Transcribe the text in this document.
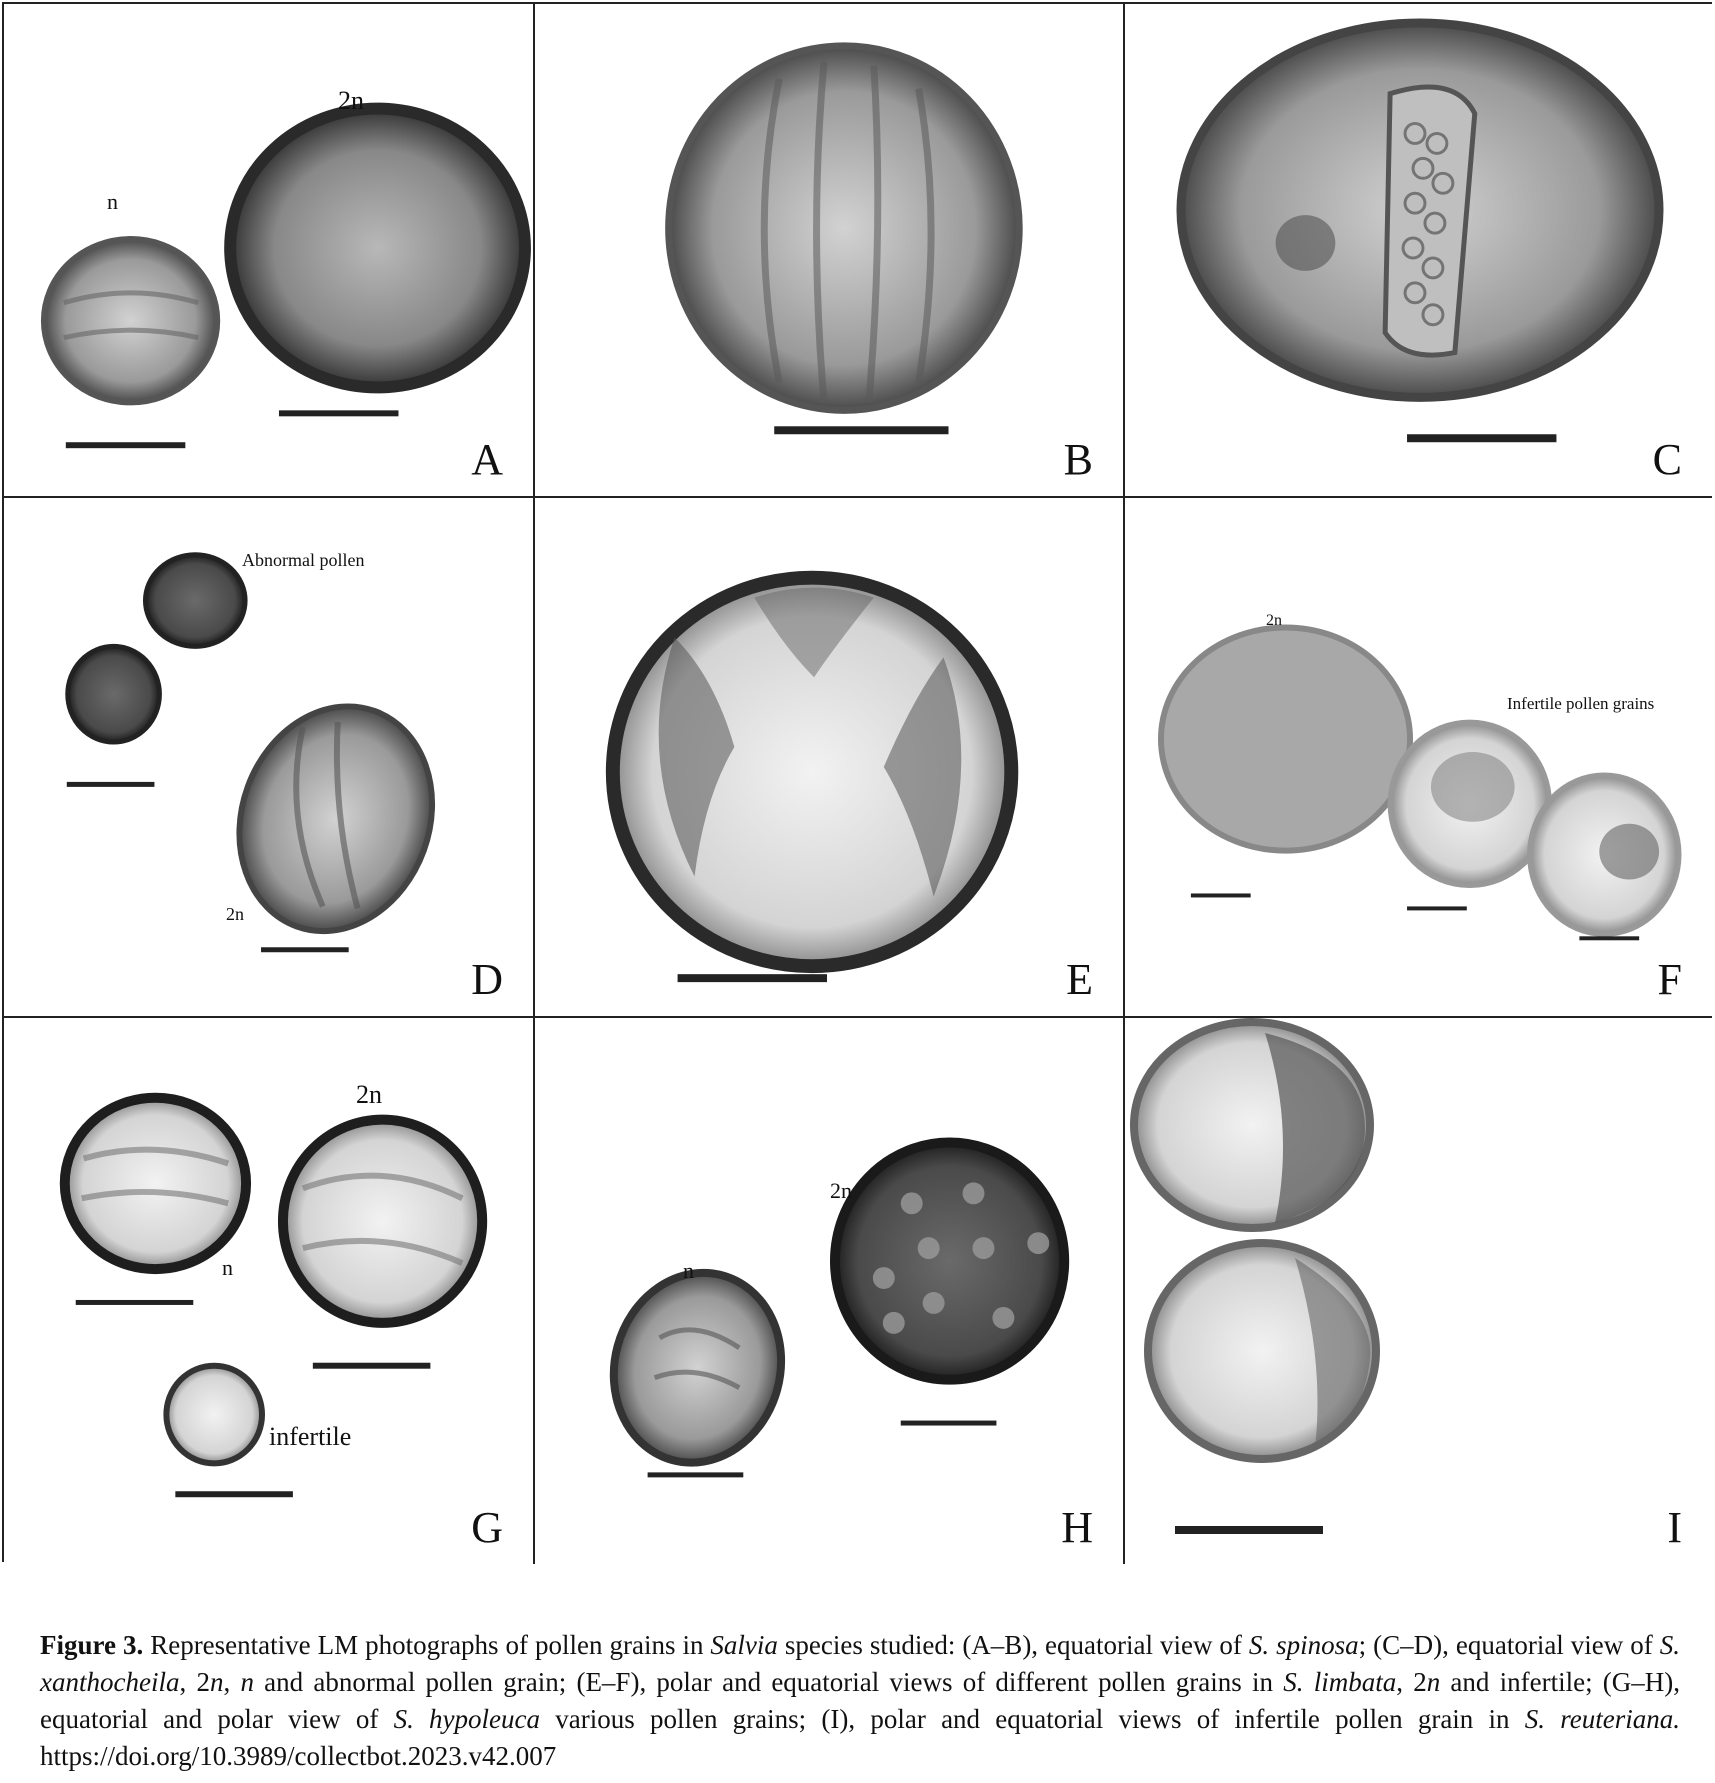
n
2n
A	B	C
Abnormal pollen
2n
D	E
2n
Infertile pollen grains
F
2n
n
infertile
G
2n
n
H	I

Figure 3. Representative LM photographs of pollen grains in Salvia species studied: (A–B), equatorial view of S. spinosa; (C–D), equatorial view of S. xanthocheila, 2n, n and abnormal pollen grain; (E–F), polar and equatorial views of different pollen grains in S. limbata, 2n and infertile; (G–H), equatorial and polar view of S. hypoleuca various pollen grains; (I), polar and equatorial views of infertile pollen grain in S. reuteriana. https://doi.org/10.3989/collectbot.2023.v42.007
